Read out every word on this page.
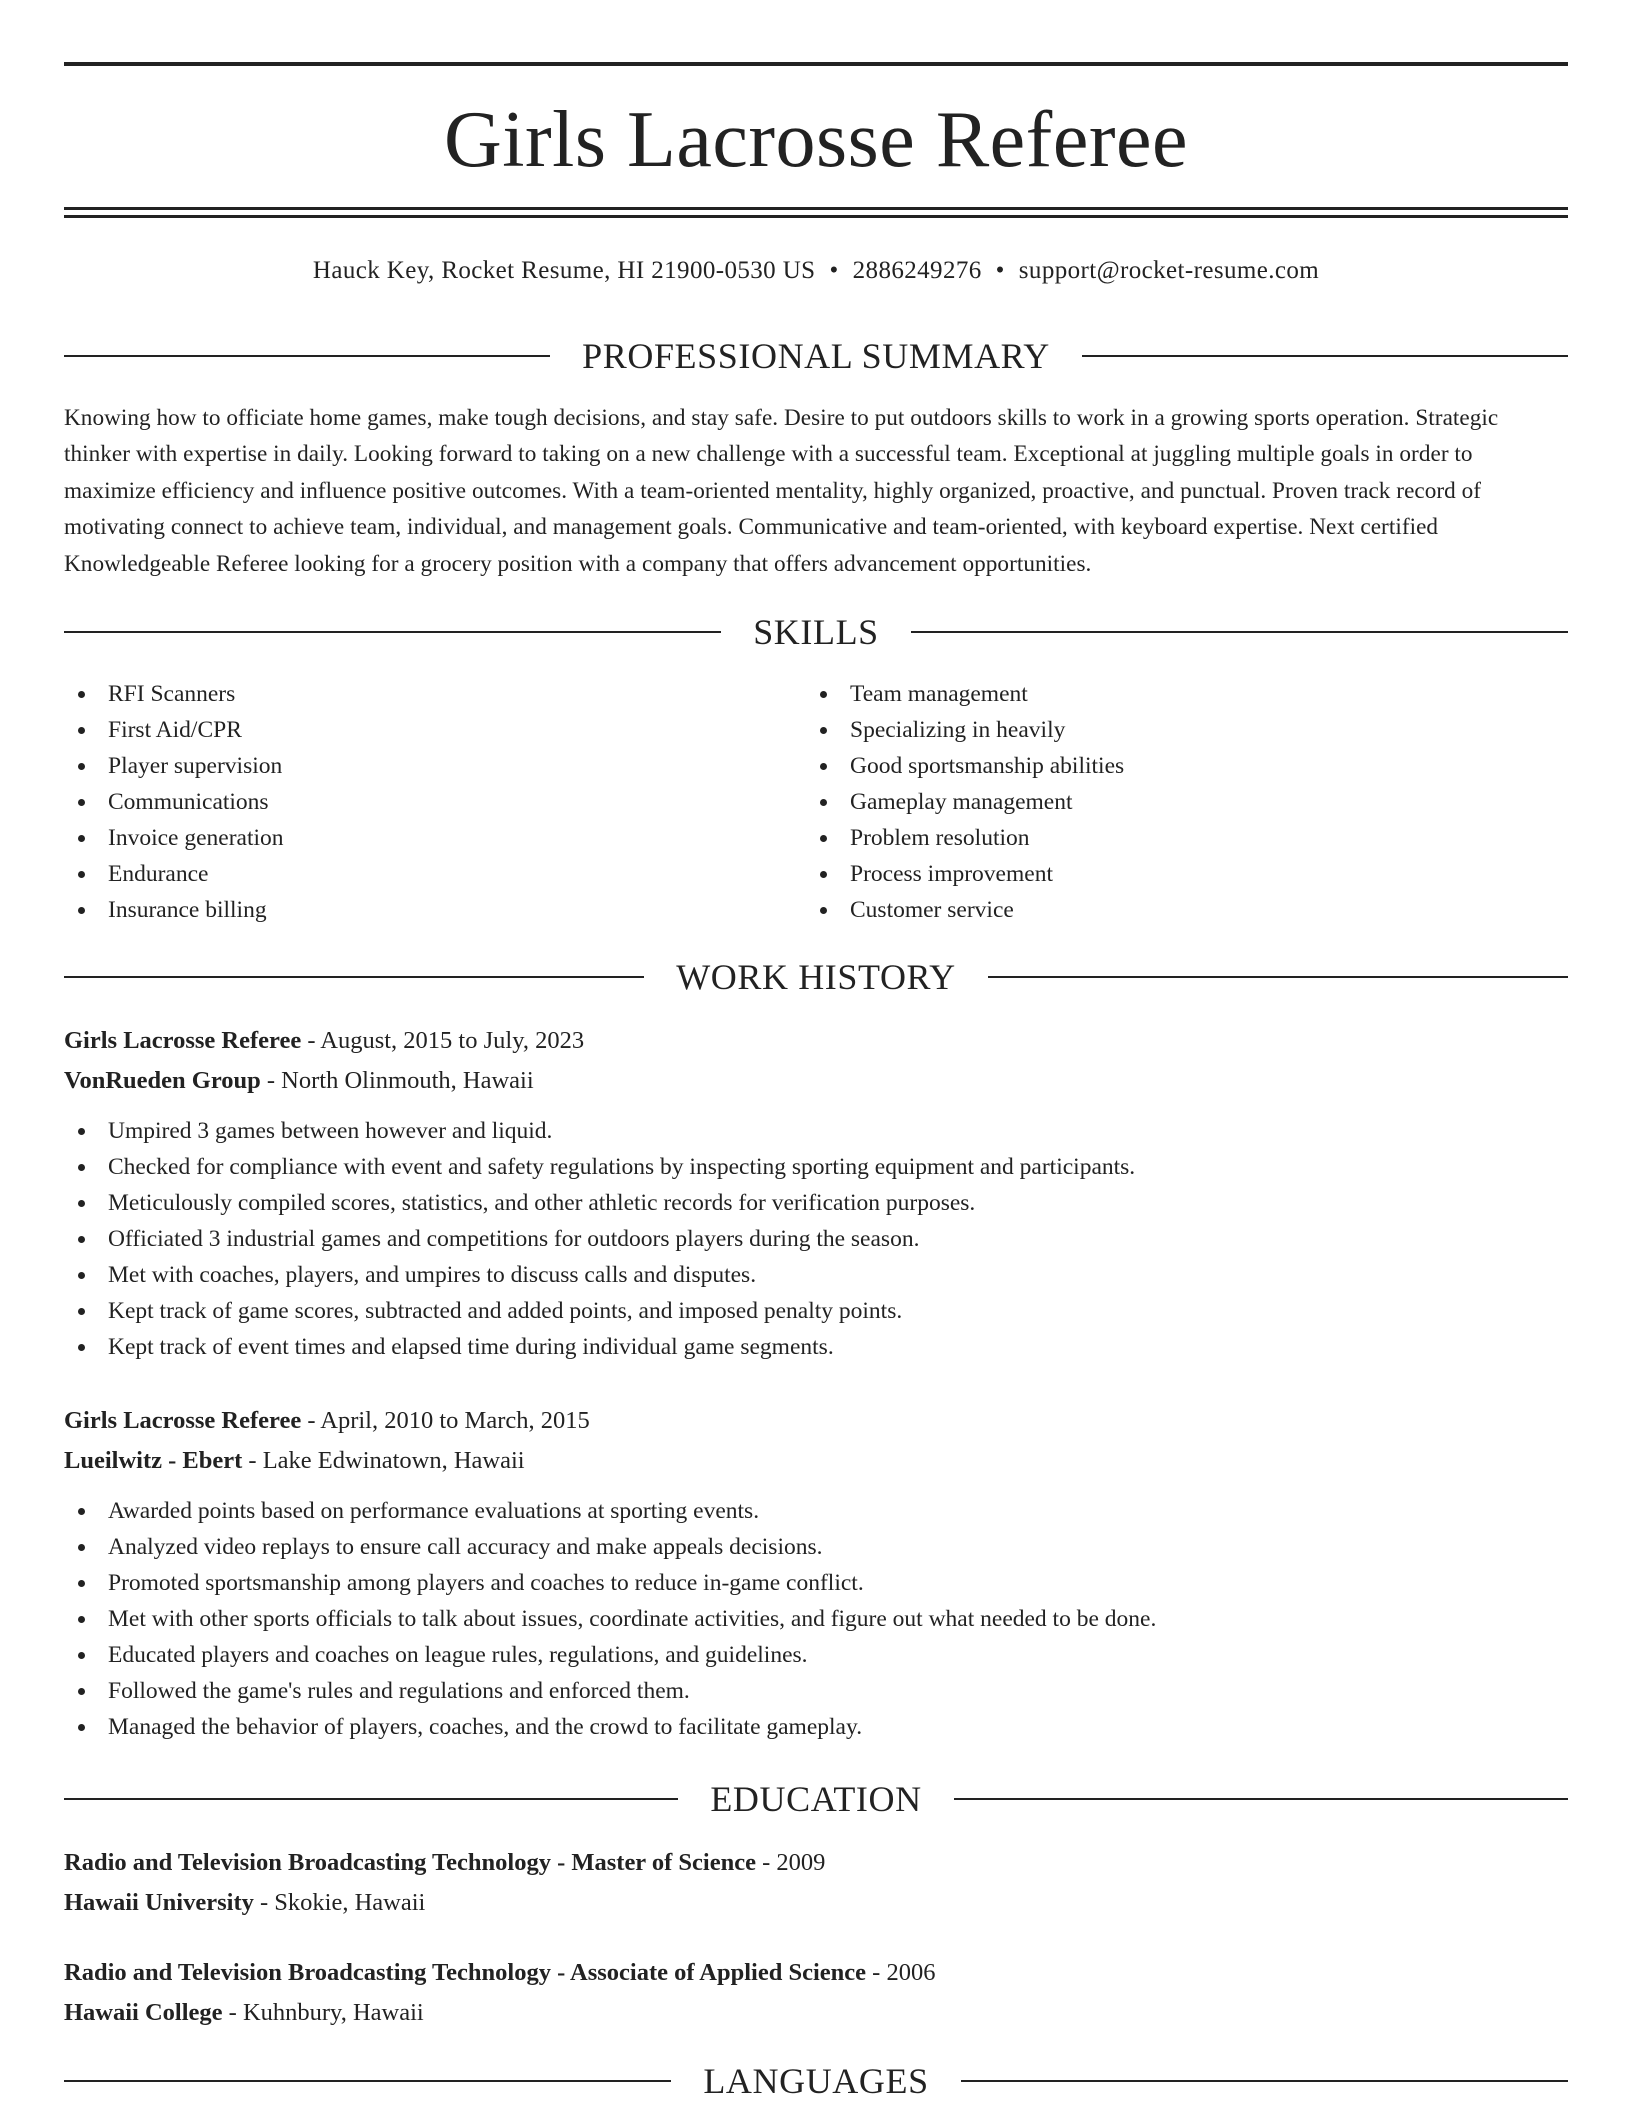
Girls Lacrosse Referee
Hauck Key, Rocket Resume, HI 21900-0530 US • 2886249276 • support@rocket-resume.com
PROFESSIONAL SUMMARY

Knowing how to officiate home games, make tough decisions, and stay safe. Desire to put outdoors skills to work in a growing sports operation. Strategic thinker with expertise in daily. Looking forward to taking on a new challenge with a successful team. Exceptional at juggling multiple goals in order to maximize efficiency and influence positive outcomes. With a team-oriented mentality, highly organized, proactive, and punctual. Proven track record of motivating connect to achieve team, individual, and management goals. Communicative and team-oriented, with keyboard expertise. Next certified Knowledgeable Referee looking for a grocery position with a company that offers advancement opportunities.

SKILLS
RFI Scanners
First Aid/CPR
Player supervision
Communications
Invoice generation
Endurance
Insurance billing
Team management
Specializing in heavily
Good sportsmanship abilities
Gameplay management
Problem resolution
Process improvement
Customer service
WORK HISTORY
Girls Lacrosse Referee - August, 2015 to July, 2023
VonRueden Group - North Olinmouth, Hawaii
Umpired 3 games between however and liquid.
Checked for compliance with event and safety regulations by inspecting sporting equipment and participants.
Meticulously compiled scores, statistics, and other athletic records for verification purposes.
Officiated 3 industrial games and competitions for outdoors players during the season.
Met with coaches, players, and umpires to discuss calls and disputes.
Kept track of game scores, subtracted and added points, and imposed penalty points.
Kept track of event times and elapsed time during individual game segments.
Girls Lacrosse Referee - April, 2010 to March, 2015
Lueilwitz - Ebert - Lake Edwinatown, Hawaii
Awarded points based on performance evaluations at sporting events.
Analyzed video replays to ensure call accuracy and make appeals decisions.
Promoted sportsmanship among players and coaches to reduce in-game conflict.
Met with other sports officials to talk about issues, coordinate activities, and figure out what needed to be done.
Educated players and coaches on league rules, regulations, and guidelines.
Followed the game's rules and regulations and enforced them.
Managed the behavior of players, coaches, and the crowd to facilitate gameplay.
EDUCATION
Radio and Television Broadcasting Technology - Master of Science - 2009
Hawaii University - Skokie, Hawaii
Radio and Television Broadcasting Technology - Associate of Applied Science - 2006
Hawaii College - Kuhnbury, Hawaii
LANGUAGES
